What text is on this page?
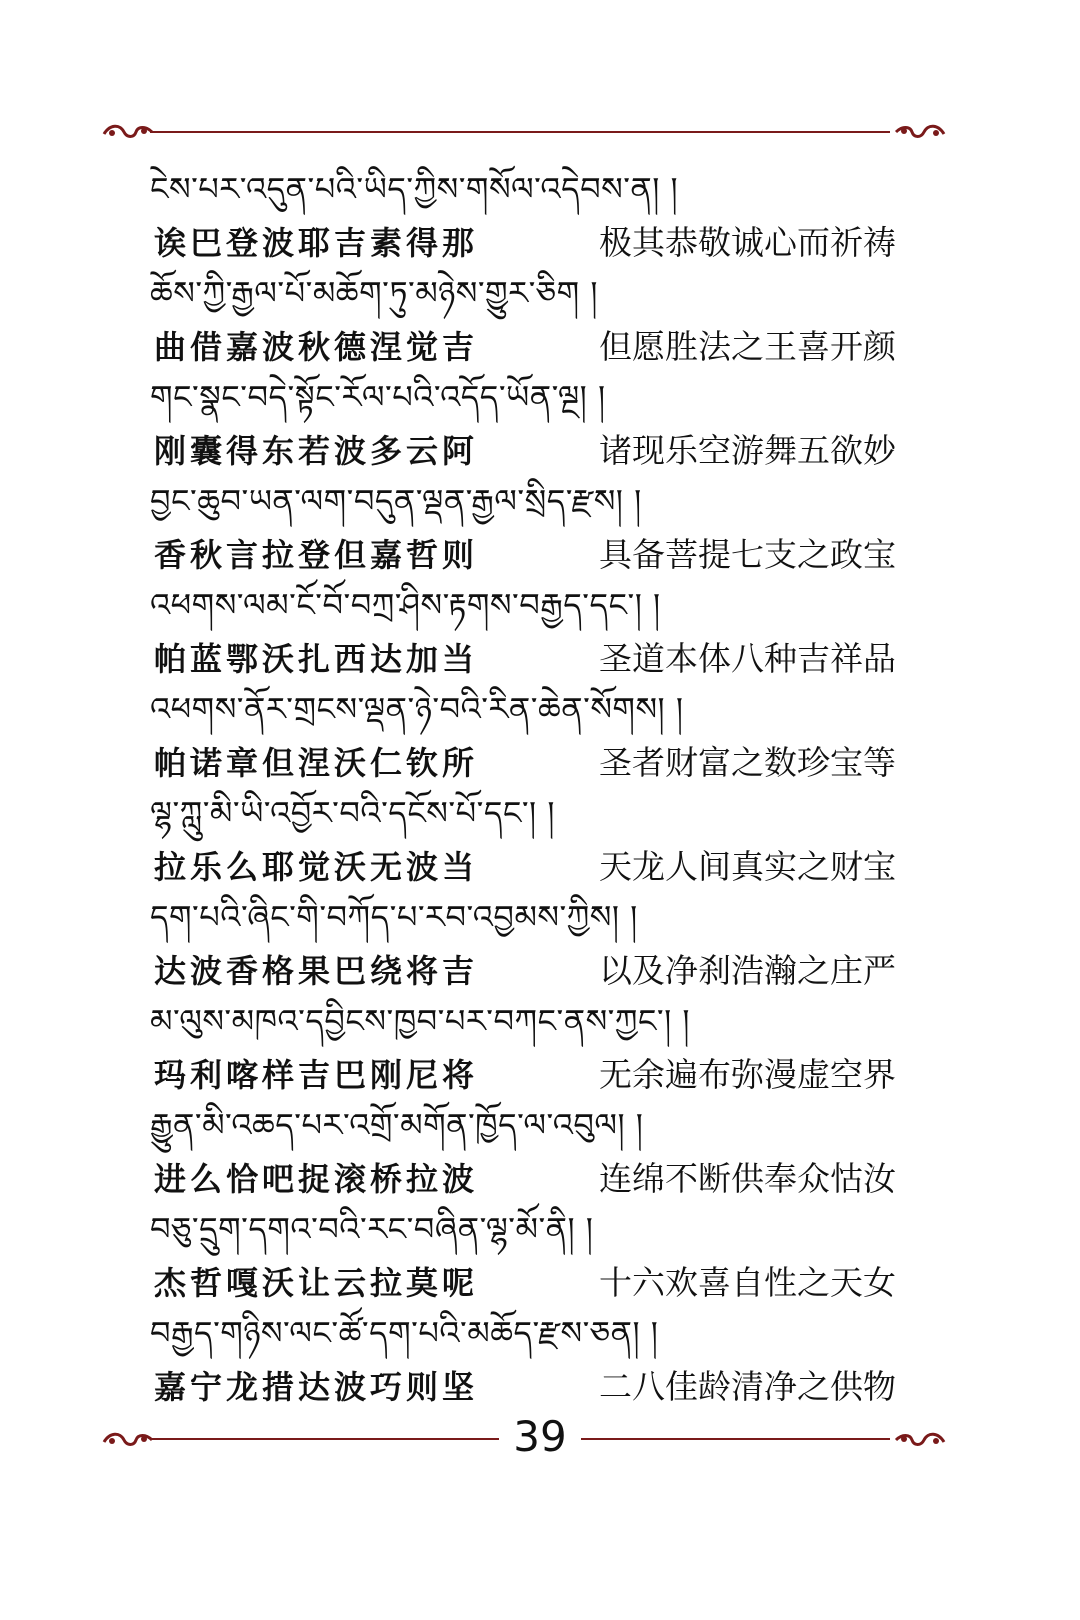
ངེས་པར་འདུན་པའི་ཡིད་ཀྱིས་གསོལ་འདེབས་ན། །
诶巴登波耶吉素得那	极其恭敬诚心而祈祷
ཆོས་ཀྱི་རྒྱལ་པོ་མཆོག་ཏུ་མཉེས་གྱུར་ཅིག །
曲借嘉波秋德涅觉吉	但愿胜法之王喜开颜
གང་སྣང་བདེ་སྟོང་རོལ་པའི་འདོད་ཡོན་ལྔ། །
刚囊得东若波多云阿	诸现乐空游舞五欲妙
བྱང་ཆུབ་ཡན་ལག་བདུན་ལྡན་རྒྱལ་སྲིད་རྫས། །
香秋言拉登但嘉哲则	具备菩提七支之政宝
འཕགས་ལམ་ངོ་བོ་བཀྲ་ཤིས་རྟགས་བརྒྱད་དང་། །
帕蓝鄂沃扎西达加当	圣道本体八种吉祥品
འཕགས་ནོར་གྲངས་ལྡན་ཉེ་བའི་རིན་ཆེན་སོགས། །
帕诺章但涅沃仁钦所	圣者财富之数珍宝等
ལྷ་ཀླུ་མི་ཡི་འབྱོར་བའི་དངོས་པོ་དང་། །
拉乐么耶觉沃无波当	天龙人间真实之财宝
དག་པའི་ཞིང་གི་བཀོད་པ་རབ་འབྱམས་ཀྱིས། །
达波香格果巴绕将吉	以及净刹浩瀚之庄严
མ་ལུས་མཁའ་དབྱིངས་ཁྱབ་པར་བཀང་ནས་ཀྱང་། །
玛利喀样吉巴刚尼将	无余遍布弥漫虚空界
རྒྱུན་མི་འཆད་པར་འགྲོ་མགོན་ཁྱོད་ལ་འབུལ། །
进么恰吧捉滚桥拉波	连绵不断供奉众怙汝
བཅུ་དྲུག་དགའ་བའི་རང་བཞིན་ལྷ་མོ་ནི། །
杰哲嘎沃让云拉莫呢	十六欢喜自性之天女
བརྒྱད་གཉིས་ལང་ཚོ་དག་པའི་མཆོད་རྫས་ཅན། །
嘉宁龙措达波巧则坚	二八佳龄清净之供物
39
